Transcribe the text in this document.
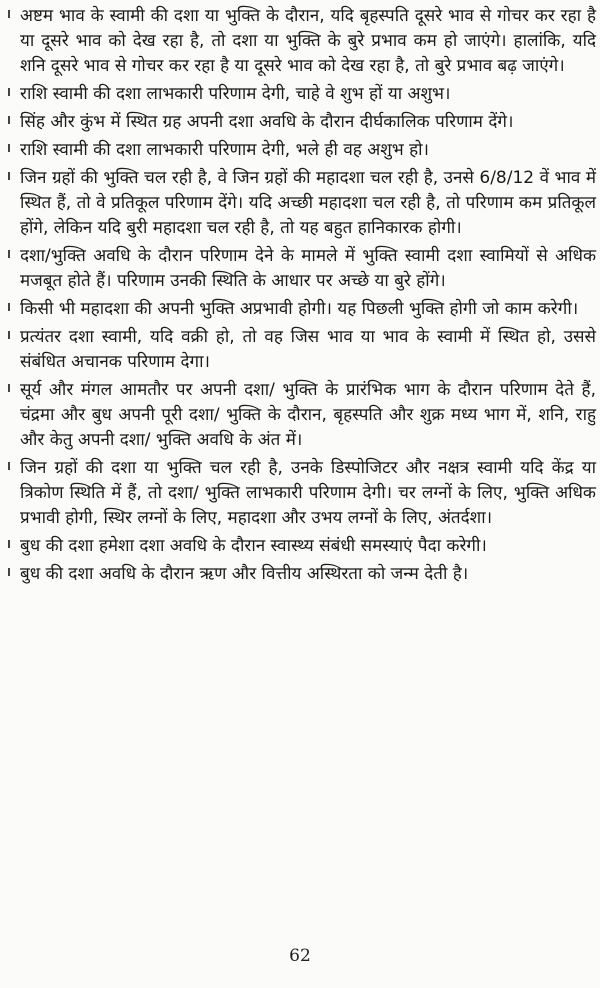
अष्टम भाव के स्वामी की दशा या भुक्ति के दौरान, यदि बृहस्पति दूसरे भाव से गोचर कर रहा है या दूसरे भाव को देख रहा है, तो दशा या भुक्ति के बुरे प्रभाव कम हो जाएंगे। हालांकि, यदि शनि दूसरे भाव से गोचर कर रहा है या दूसरे भाव को देख रहा है, तो बुरे प्रभाव बढ़ जाएंगे।
राशि स्वामी की दशा लाभकारी परिणाम देगी, चाहे वे शुभ हों या अशुभ।
सिंह और कुंभ में स्थित ग्रह अपनी दशा अवधि के दौरान दीर्घकालिक परिणाम देंगे।
राशि स्वामी की दशा लाभकारी परिणाम देगी, भले ही वह अशुभ हो।
जिन ग्रहों की भुक्ति चल रही है, वे जिन ग्रहों की महादशा चल रही है, उनसे 6/8/12 वें भाव में स्थित हैं, तो वे प्रतिकूल परिणाम देंगे। यदि अच्छी महादशा चल रही है, तो परिणाम कम प्रतिकूल होंगे, लेकिन यदि बुरी महादशा चल रही है, तो यह बहुत हानिकारक होगी।
दशा/भुक्ति अवधि के दौरान परिणाम देने के मामले में भुक्ति स्वामी दशा स्वामियों से अधिक मजबूत होते हैं। परिणाम उनकी स्थिति के आधार पर अच्छे या बुरे होंगे।
किसी भी महादशा की अपनी भुक्ति अप्रभावी होगी। यह पिछली भुक्ति होगी जो काम करेगी।
प्रत्यंतर दशा स्वामी, यदि वक्री हो, तो वह जिस भाव या भाव के स्वामी में स्थित हो, उससे संबंधित अचानक परिणाम देगा।
सूर्य और मंगल आमतौर पर अपनी दशा/ भुक्ति के प्रारंभिक भाग के दौरान परिणाम देते हैं, चंद्रमा और बुध अपनी पूरी दशा/ भुक्ति के दौरान, बृहस्पति और शुक्र मध्य भाग में, शनि, राहु और केतु अपनी दशा/ भुक्ति अवधि के अंत में।
जिन ग्रहों की दशा या भुक्ति चल रही है, उनके डिस्पोजिटर और नक्षत्र स्वामी यदि केंद्र या त्रिकोण स्थिति में हैं, तो दशा/ भुक्ति लाभकारी परिणाम देगी। चर लग्नों के लिए, भुक्ति अधिक प्रभावी होगी, स्थिर लग्नों के लिए, महादशा और उभय लग्नों के लिए, अंतर्दशा।
बुध की दशा हमेशा दशा अवधि के दौरान स्वास्थ्य संबंधी समस्याएं पैदा करेगी।
बुध की दशा अवधि के दौरान ऋण और वित्तीय अस्थिरता को जन्म देती है।
62
